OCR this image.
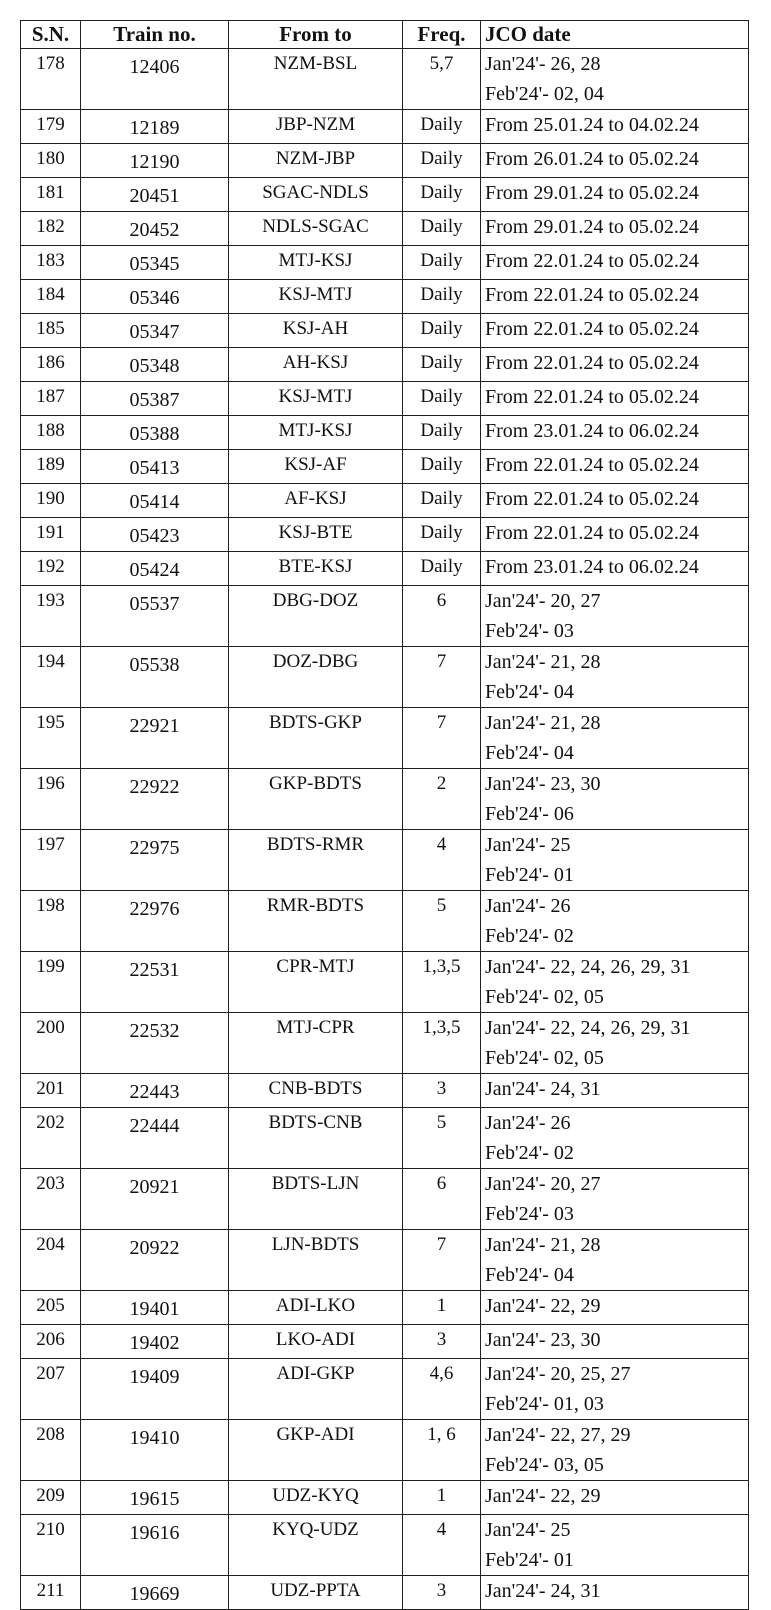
S.N.	Train no.	From to	Freq.	JCO date
178	12406	NZM-BSL	5,7	Jan'24'- 26, 28
Feb'24'- 02, 04

179	12189	JBP-NZM	Daily	From 25.01.24 to 04.02.24

180	12190	NZM-JBP	Daily	From 26.01.24 to 05.02.24

181	20451	SGAC-NDLS	Daily	From 29.01.24 to 05.02.24

182	20452	NDLS-SGAC	Daily	From 29.01.24 to 05.02.24

183	05345	MTJ-KSJ	Daily	From 22.01.24 to 05.02.24

184	05346	KSJ-MTJ	Daily	From 22.01.24 to 05.02.24

185	05347	KSJ-AH	Daily	From 22.01.24 to 05.02.24

186	05348	AH-KSJ	Daily	From 22.01.24 to 05.02.24

187	05387	KSJ-MTJ	Daily	From 22.01.24 to 05.02.24

188	05388	MTJ-KSJ	Daily	From 23.01.24 to 06.02.24

189	05413	KSJ-AF	Daily	From 22.01.24 to 05.02.24

190	05414	AF-KSJ	Daily	From 22.01.24 to 05.02.24

191	05423	KSJ-BTE	Daily	From 22.01.24 to 05.02.24

192	05424	BTE-KSJ	Daily	From 23.01.24 to 06.02.24

193	05537	DBG-DOZ	6	Jan'24'- 20, 27
Feb'24'- 03

194	05538	DOZ-DBG	7	Jan'24'- 21, 28
Feb'24'- 04

195	22921	BDTS-GKP	7	Jan'24'- 21, 28
Feb'24'- 04

196	22922	GKP-BDTS	2	Jan'24'- 23, 30
Feb'24'- 06

197	22975	BDTS-RMR	4	Jan'24'- 25
Feb'24'- 01

198	22976	RMR-BDTS	5	Jan'24'- 26
Feb'24'- 02

199	22531	CPR-MTJ	1,3,5	Jan'24'- 22, 24, 26, 29, 31
Feb'24'- 02, 05

200	22532	MTJ-CPR	1,3,5	Jan'24'- 22, 24, 26, 29, 31
Feb'24'- 02, 05

201	22443	CNB-BDTS	3	Jan'24'- 24, 31

202	22444	BDTS-CNB	5	Jan'24'- 26
Feb'24'- 02

203	20921	BDTS-LJN	6	Jan'24'- 20, 27
Feb'24'- 03

204	20922	LJN-BDTS	7	Jan'24'- 21, 28
Feb'24'- 04

205	19401	ADI-LKO	1	Jan'24'- 22, 29

206	19402	LKO-ADI	3	Jan'24'- 23, 30

207	19409	ADI-GKP	4,6	Jan'24'- 20, 25, 27
Feb'24'- 01, 03

208	19410	GKP-ADI	1, 6	Jan'24'- 22, 27, 29
Feb'24'- 03, 05

209	19615	UDZ-KYQ	1	Jan'24'- 22, 29

210	19616	KYQ-UDZ	4	Jan'24'- 25
Feb'24'- 01

211	19669	UDZ-PPTA	3	Jan'24'- 24, 31
